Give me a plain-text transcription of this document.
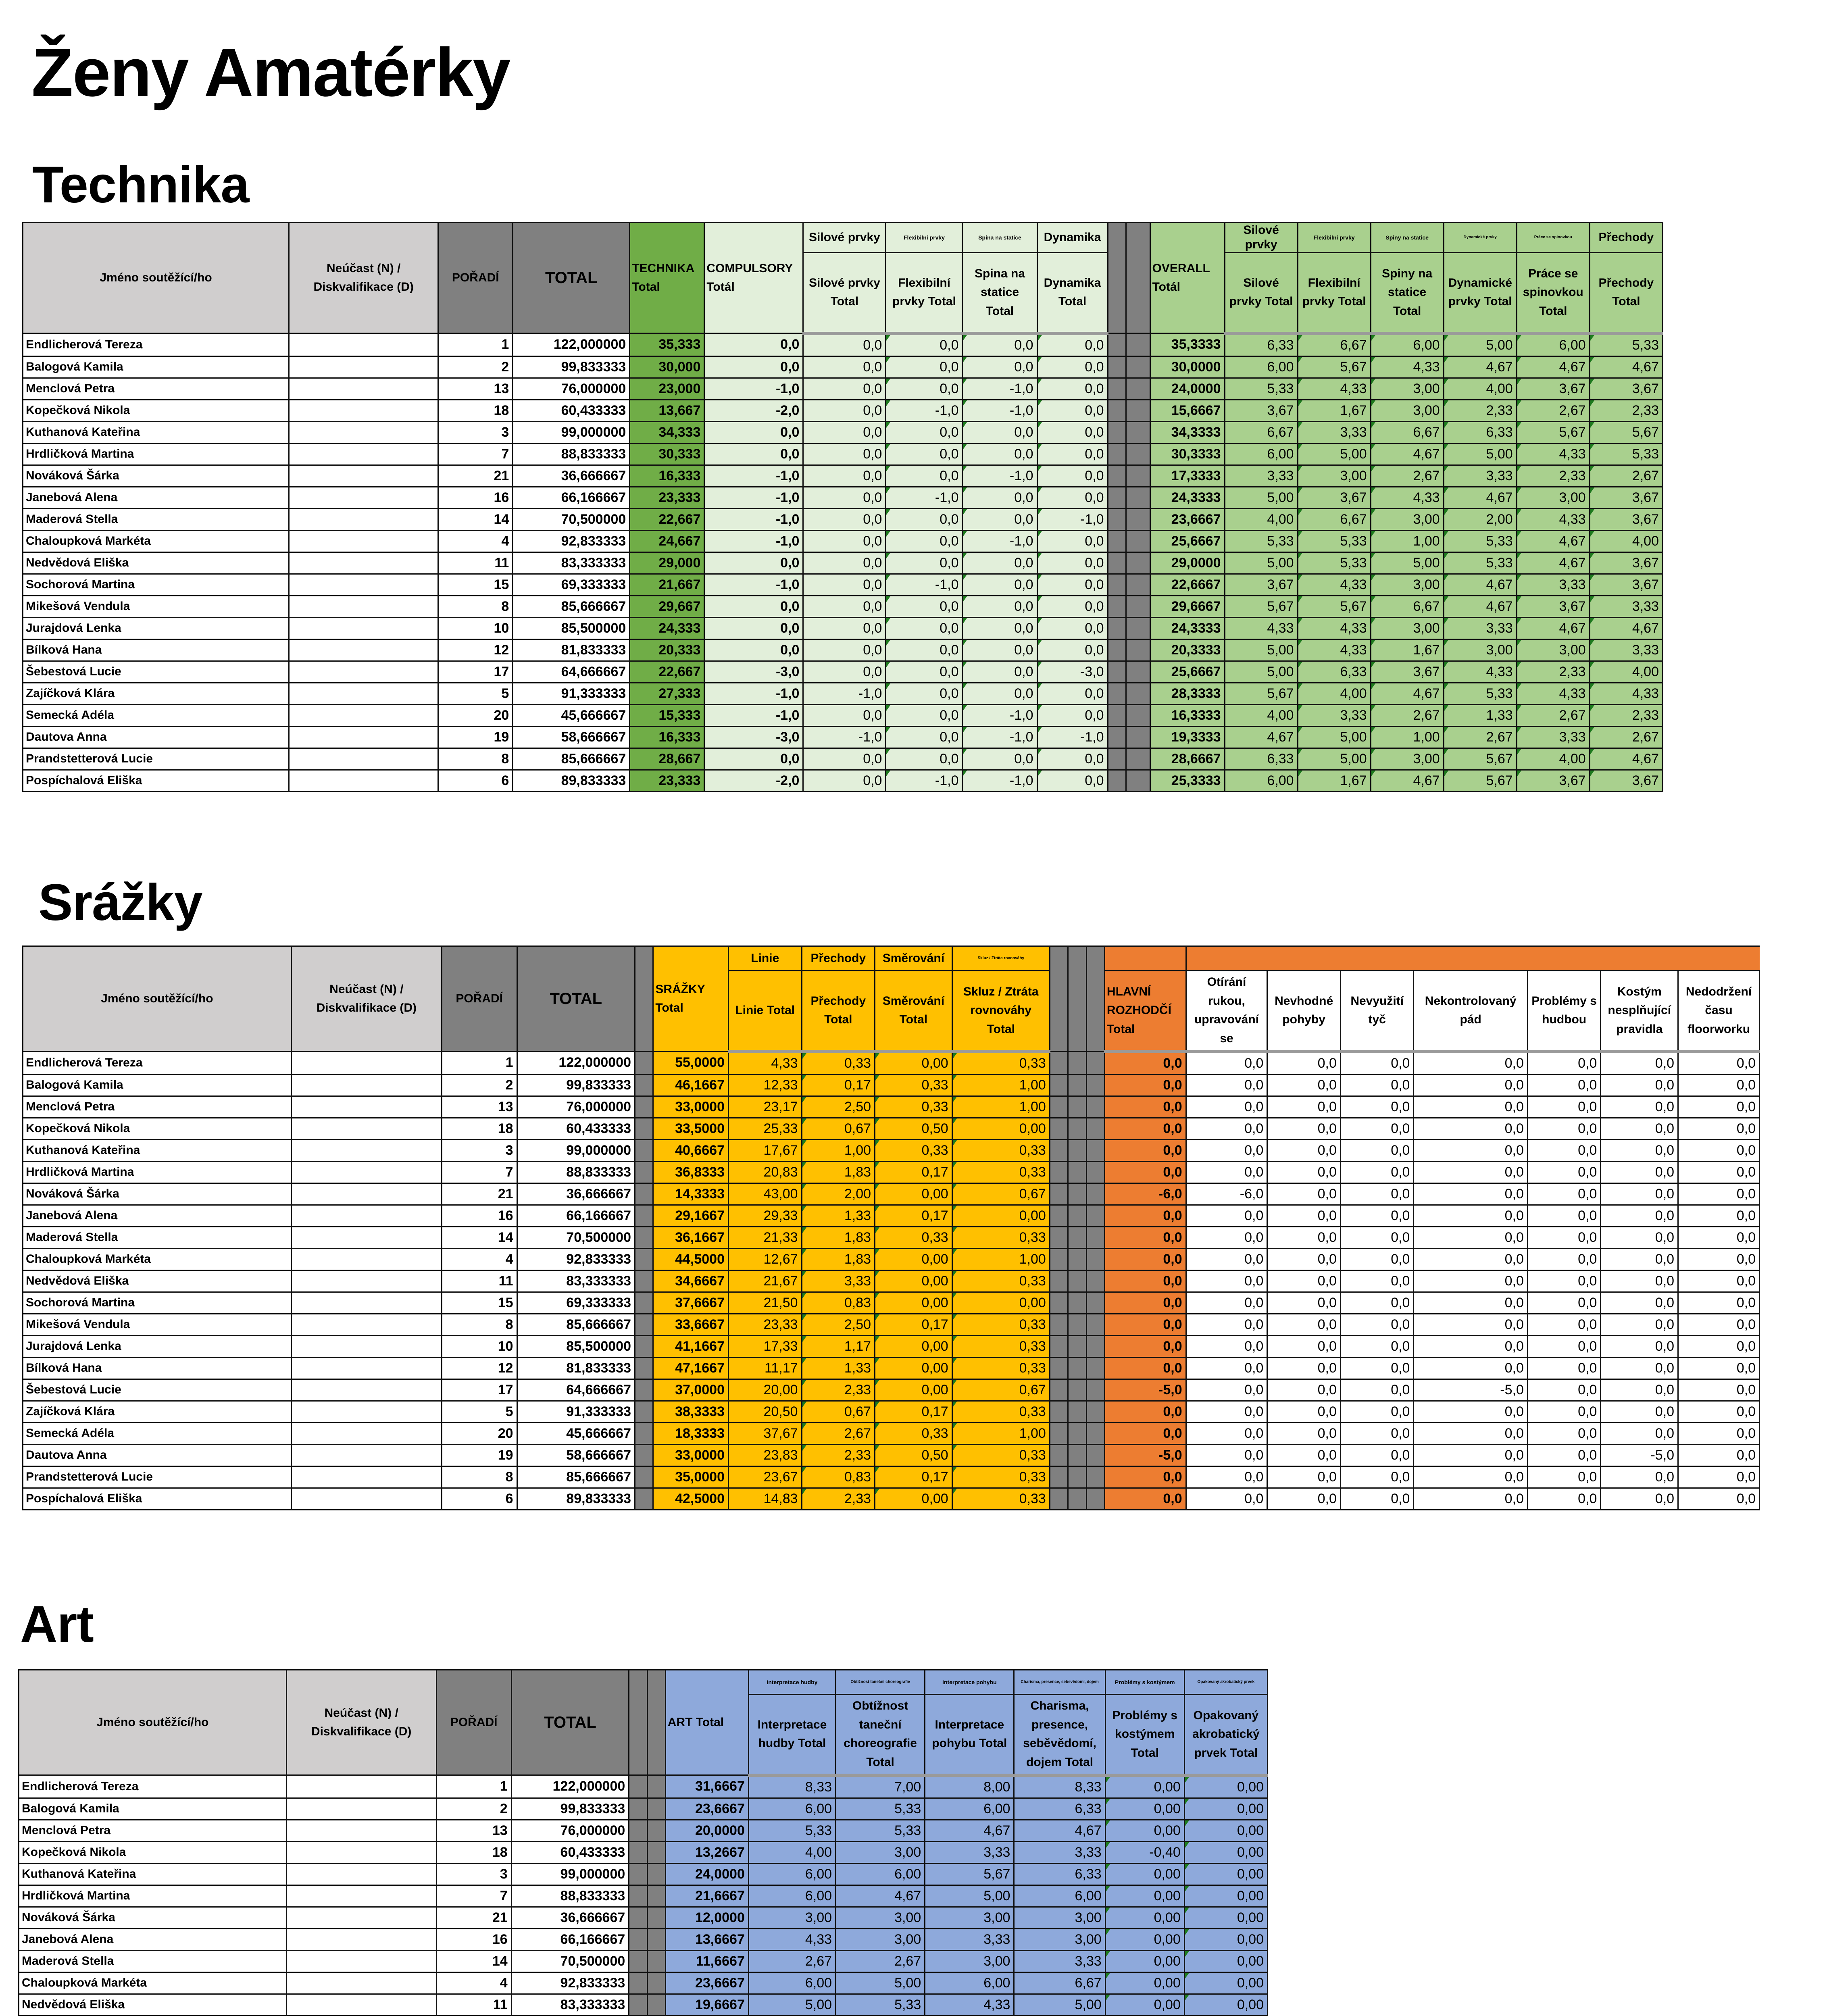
Ženy Amatérky
Technika
Jméno soutěžící/ho	Neúčast (N) / Diskvalifikace (D)	POŘADÍ	TOTAL	TECHNIKA Total	COMPULSORY Totál	Silové prvky	Flexibilní prvky	Spina na statice	Dynamika			OVERALL Totál	Silové prvky	Flexibilní prvky	Spiny na statice	Dynamické prvky	Práce se spinovkou	Přechody
						Silové prvky Total	Flexibilní prvky Total	Spina na statice Total	Dynamika Total				Silové prvky Total	Flexibilní prvky Total	Spiny na statice Total	Dynamické prvky Total	Práce se spinovkou Total	Přechody Total
Endlicherová Tereza		1	122,000000	35,333	0,0	0,0	0,0	0,0	0,0			35,3333	6,33	6,67	6,00	5,00	6,00	5,33
Balogová Kamila		2	99,833333	30,000	0,0	0,0	0,0	0,0	0,0			30,0000	6,00	5,67	4,33	4,67	4,67	4,67
Menclová Petra		13	76,000000	23,000	-1,0	0,0	0,0	-1,0	0,0			24,0000	5,33	4,33	3,00	4,00	3,67	3,67
Kopečková Nikola		18	60,433333	13,667	-2,0	0,0	-1,0	-1,0	0,0			15,6667	3,67	1,67	3,00	2,33	2,67	2,33
Kuthanová Kateřina		3	99,000000	34,333	0,0	0,0	0,0	0,0	0,0			34,3333	6,67	3,33	6,67	6,33	5,67	5,67
Hrdličková Martina		7	88,833333	30,333	0,0	0,0	0,0	0,0	0,0			30,3333	6,00	5,00	4,67	5,00	4,33	5,33
Nováková Šárka		21	36,666667	16,333	-1,0	0,0	0,0	-1,0	0,0			17,3333	3,33	3,00	2,67	3,33	2,33	2,67
Janebová Alena		16	66,166667	23,333	-1,0	0,0	-1,0	0,0	0,0			24,3333	5,00	3,67	4,33	4,67	3,00	3,67
Maderová Stella		14	70,500000	22,667	-1,0	0,0	0,0	0,0	-1,0			23,6667	4,00	6,67	3,00	2,00	4,33	3,67
Chaloupková Markéta		4	92,833333	24,667	-1,0	0,0	0,0	-1,0	0,0			25,6667	5,33	5,33	1,00	5,33	4,67	4,00
Nedvědová Eliška		11	83,333333	29,000	0,0	0,0	0,0	0,0	0,0			29,0000	5,00	5,33	5,00	5,33	4,67	3,67
Sochorová Martina		15	69,333333	21,667	-1,0	0,0	-1,0	0,0	0,0			22,6667	3,67	4,33	3,00	4,67	3,33	3,67
Mikešová Vendula		8	85,666667	29,667	0,0	0,0	0,0	0,0	0,0			29,6667	5,67	5,67	6,67	4,67	3,67	3,33
Jurajdová Lenka		10	85,500000	24,333	0,0	0,0	0,0	0,0	0,0			24,3333	4,33	4,33	3,00	3,33	4,67	4,67
Bílková Hana		12	81,833333	20,333	0,0	0,0	0,0	0,0	0,0			20,3333	5,00	4,33	1,67	3,00	3,00	3,33
Šebestová Lucie		17	64,666667	22,667	-3,0	0,0	0,0	0,0	-3,0			25,6667	5,00	6,33	3,67	4,33	2,33	4,00
Zajíčková Klára		5	91,333333	27,333	-1,0	-1,0	0,0	0,0	0,0			28,3333	5,67	4,00	4,67	5,33	4,33	4,33
Semecká Adéla		20	45,666667	15,333	-1,0	0,0	0,0	-1,0	0,0			16,3333	4,00	3,33	2,67	1,33	2,67	2,33
Dautova Anna		19	58,666667	16,333	-3,0	-1,0	0,0	-1,0	-1,0			19,3333	4,67	5,00	1,00	2,67	3,33	2,67
Prandstetterová Lucie		8	85,666667	28,667	0,0	0,0	0,0	0,0	0,0			28,6667	6,33	5,00	3,00	5,67	4,00	4,67
Pospíchalová Eliška		6	89,833333	23,333	-2,0	0,0	-1,0	-1,0	0,0			25,3333	6,00	1,67	4,67	5,67	3,67	3,67
Srážky
Jméno soutěžící/ho	Neúčast (N) / Diskvalifikace (D)	POŘADÍ	TOTAL		SRÁŽKY Total	Linie	Přechody	Směrování	Skluz / Ztráta rovnováhy											
						Linie Total	Přechody Total	Směrování Total	Skluz / Ztráta rovnováhy Total				HLAVNÍ ROZHODČÍ Total	Otírání rukou, upravování se	Nevhodné pohyby	Nevyužití tyč	Nekontrolovaný pád	Problémy s hudbou	Kostým nesplňující pravidla	Nedodržení času floorworku
Endlicherová Tereza		1	122,000000		55,0000	4,33	0,33	0,00	0,33				0,0	0,0	0,0	0,0	0,0	0,0	0,0	0,0
Balogová Kamila		2	99,833333		46,1667	12,33	0,17	0,33	1,00				0,0	0,0	0,0	0,0	0,0	0,0	0,0	0,0
Menclová Petra		13	76,000000		33,0000	23,17	2,50	0,33	1,00				0,0	0,0	0,0	0,0	0,0	0,0	0,0	0,0
Kopečková Nikola		18	60,433333		33,5000	25,33	0,67	0,50	0,00				0,0	0,0	0,0	0,0	0,0	0,0	0,0	0,0
Kuthanová Kateřina		3	99,000000		40,6667	17,67	1,00	0,33	0,33				0,0	0,0	0,0	0,0	0,0	0,0	0,0	0,0
Hrdličková Martina		7	88,833333		36,8333	20,83	1,83	0,17	0,33				0,0	0,0	0,0	0,0	0,0	0,0	0,0	0,0
Nováková Šárka		21	36,666667		14,3333	43,00	2,00	0,00	0,67				-6,0	-6,0	0,0	0,0	0,0	0,0	0,0	0,0
Janebová Alena		16	66,166667		29,1667	29,33	1,33	0,17	0,00				0,0	0,0	0,0	0,0	0,0	0,0	0,0	0,0
Maderová Stella		14	70,500000		36,1667	21,33	1,83	0,33	0,33				0,0	0,0	0,0	0,0	0,0	0,0	0,0	0,0
Chaloupková Markéta		4	92,833333		44,5000	12,67	1,83	0,00	1,00				0,0	0,0	0,0	0,0	0,0	0,0	0,0	0,0
Nedvědová Eliška		11	83,333333		34,6667	21,67	3,33	0,00	0,33				0,0	0,0	0,0	0,0	0,0	0,0	0,0	0,0
Sochorová Martina		15	69,333333		37,6667	21,50	0,83	0,00	0,00				0,0	0,0	0,0	0,0	0,0	0,0	0,0	0,0
Mikešová Vendula		8	85,666667		33,6667	23,33	2,50	0,17	0,33				0,0	0,0	0,0	0,0	0,0	0,0	0,0	0,0
Jurajdová Lenka		10	85,500000		41,1667	17,33	1,17	0,00	0,33				0,0	0,0	0,0	0,0	0,0	0,0	0,0	0,0
Bílková Hana		12	81,833333		47,1667	11,17	1,33	0,00	0,33				0,0	0,0	0,0	0,0	0,0	0,0	0,0	0,0
Šebestová Lucie		17	64,666667		37,0000	20,00	2,33	0,00	0,67				-5,0	0,0	0,0	0,0	-5,0	0,0	0,0	0,0
Zajíčková Klára		5	91,333333		38,3333	20,50	0,67	0,17	0,33				0,0	0,0	0,0	0,0	0,0	0,0	0,0	0,0
Semecká Adéla		20	45,666667		18,3333	37,67	2,67	0,33	1,00				0,0	0,0	0,0	0,0	0,0	0,0	0,0	0,0
Dautova Anna		19	58,666667		33,0000	23,83	2,33	0,50	0,33				-5,0	0,0	0,0	0,0	0,0	0,0	-5,0	0,0
Prandstetterová Lucie		8	85,666667		35,0000	23,67	0,83	0,17	0,33				0,0	0,0	0,0	0,0	0,0	0,0	0,0	0,0
Pospíchalová Eliška		6	89,833333		42,5000	14,83	2,33	0,00	0,33				0,0	0,0	0,0	0,0	0,0	0,0	0,0	0,0
Art
Jméno soutěžící/ho	Neúčast (N) / Diskvalifikace (D)	POŘADÍ	TOTAL			ART Total	Interpretace hudby	Obtížnost taneční choreografie	Interpretace pohybu	Charisma, presence, sebevědomí, dojem	Problémy s kostýmem	Opakovaný akrobatický prvek
							Interpretace hudby Total	Obtížnost taneční choreografie Total	Interpretace pohybu Total	Charisma, presence, seběvědomí, dojem Total	Problémy s kostýmem Total	Opakovaný akrobatický prvek Total
Endlicherová Tereza		1	122,000000			31,6667	8,33	7,00	8,00	8,33	0,00	0,00
Balogová Kamila		2	99,833333			23,6667	6,00	5,33	6,00	6,33	0,00	0,00
Menclová Petra		13	76,000000			20,0000	5,33	5,33	4,67	4,67	0,00	0,00
Kopečková Nikola		18	60,433333			13,2667	4,00	3,00	3,33	3,33	-0,40	0,00
Kuthanová Kateřina		3	99,000000			24,0000	6,00	6,00	5,67	6,33	0,00	0,00
Hrdličková Martina		7	88,833333			21,6667	6,00	4,67	5,00	6,00	0,00	0,00
Nováková Šárka		21	36,666667			12,0000	3,00	3,00	3,00	3,00	0,00	0,00
Janebová Alena		16	66,166667			13,6667	4,33	3,00	3,33	3,00	0,00	0,00
Maderová Stella		14	70,500000			11,6667	2,67	2,67	3,00	3,33	0,00	0,00
Chaloupková Markéta		4	92,833333			23,6667	6,00	5,00	6,00	6,67	0,00	0,00
Nedvědová Eliška		11	83,333333			19,6667	5,00	5,33	4,33	5,00	0,00	0,00
